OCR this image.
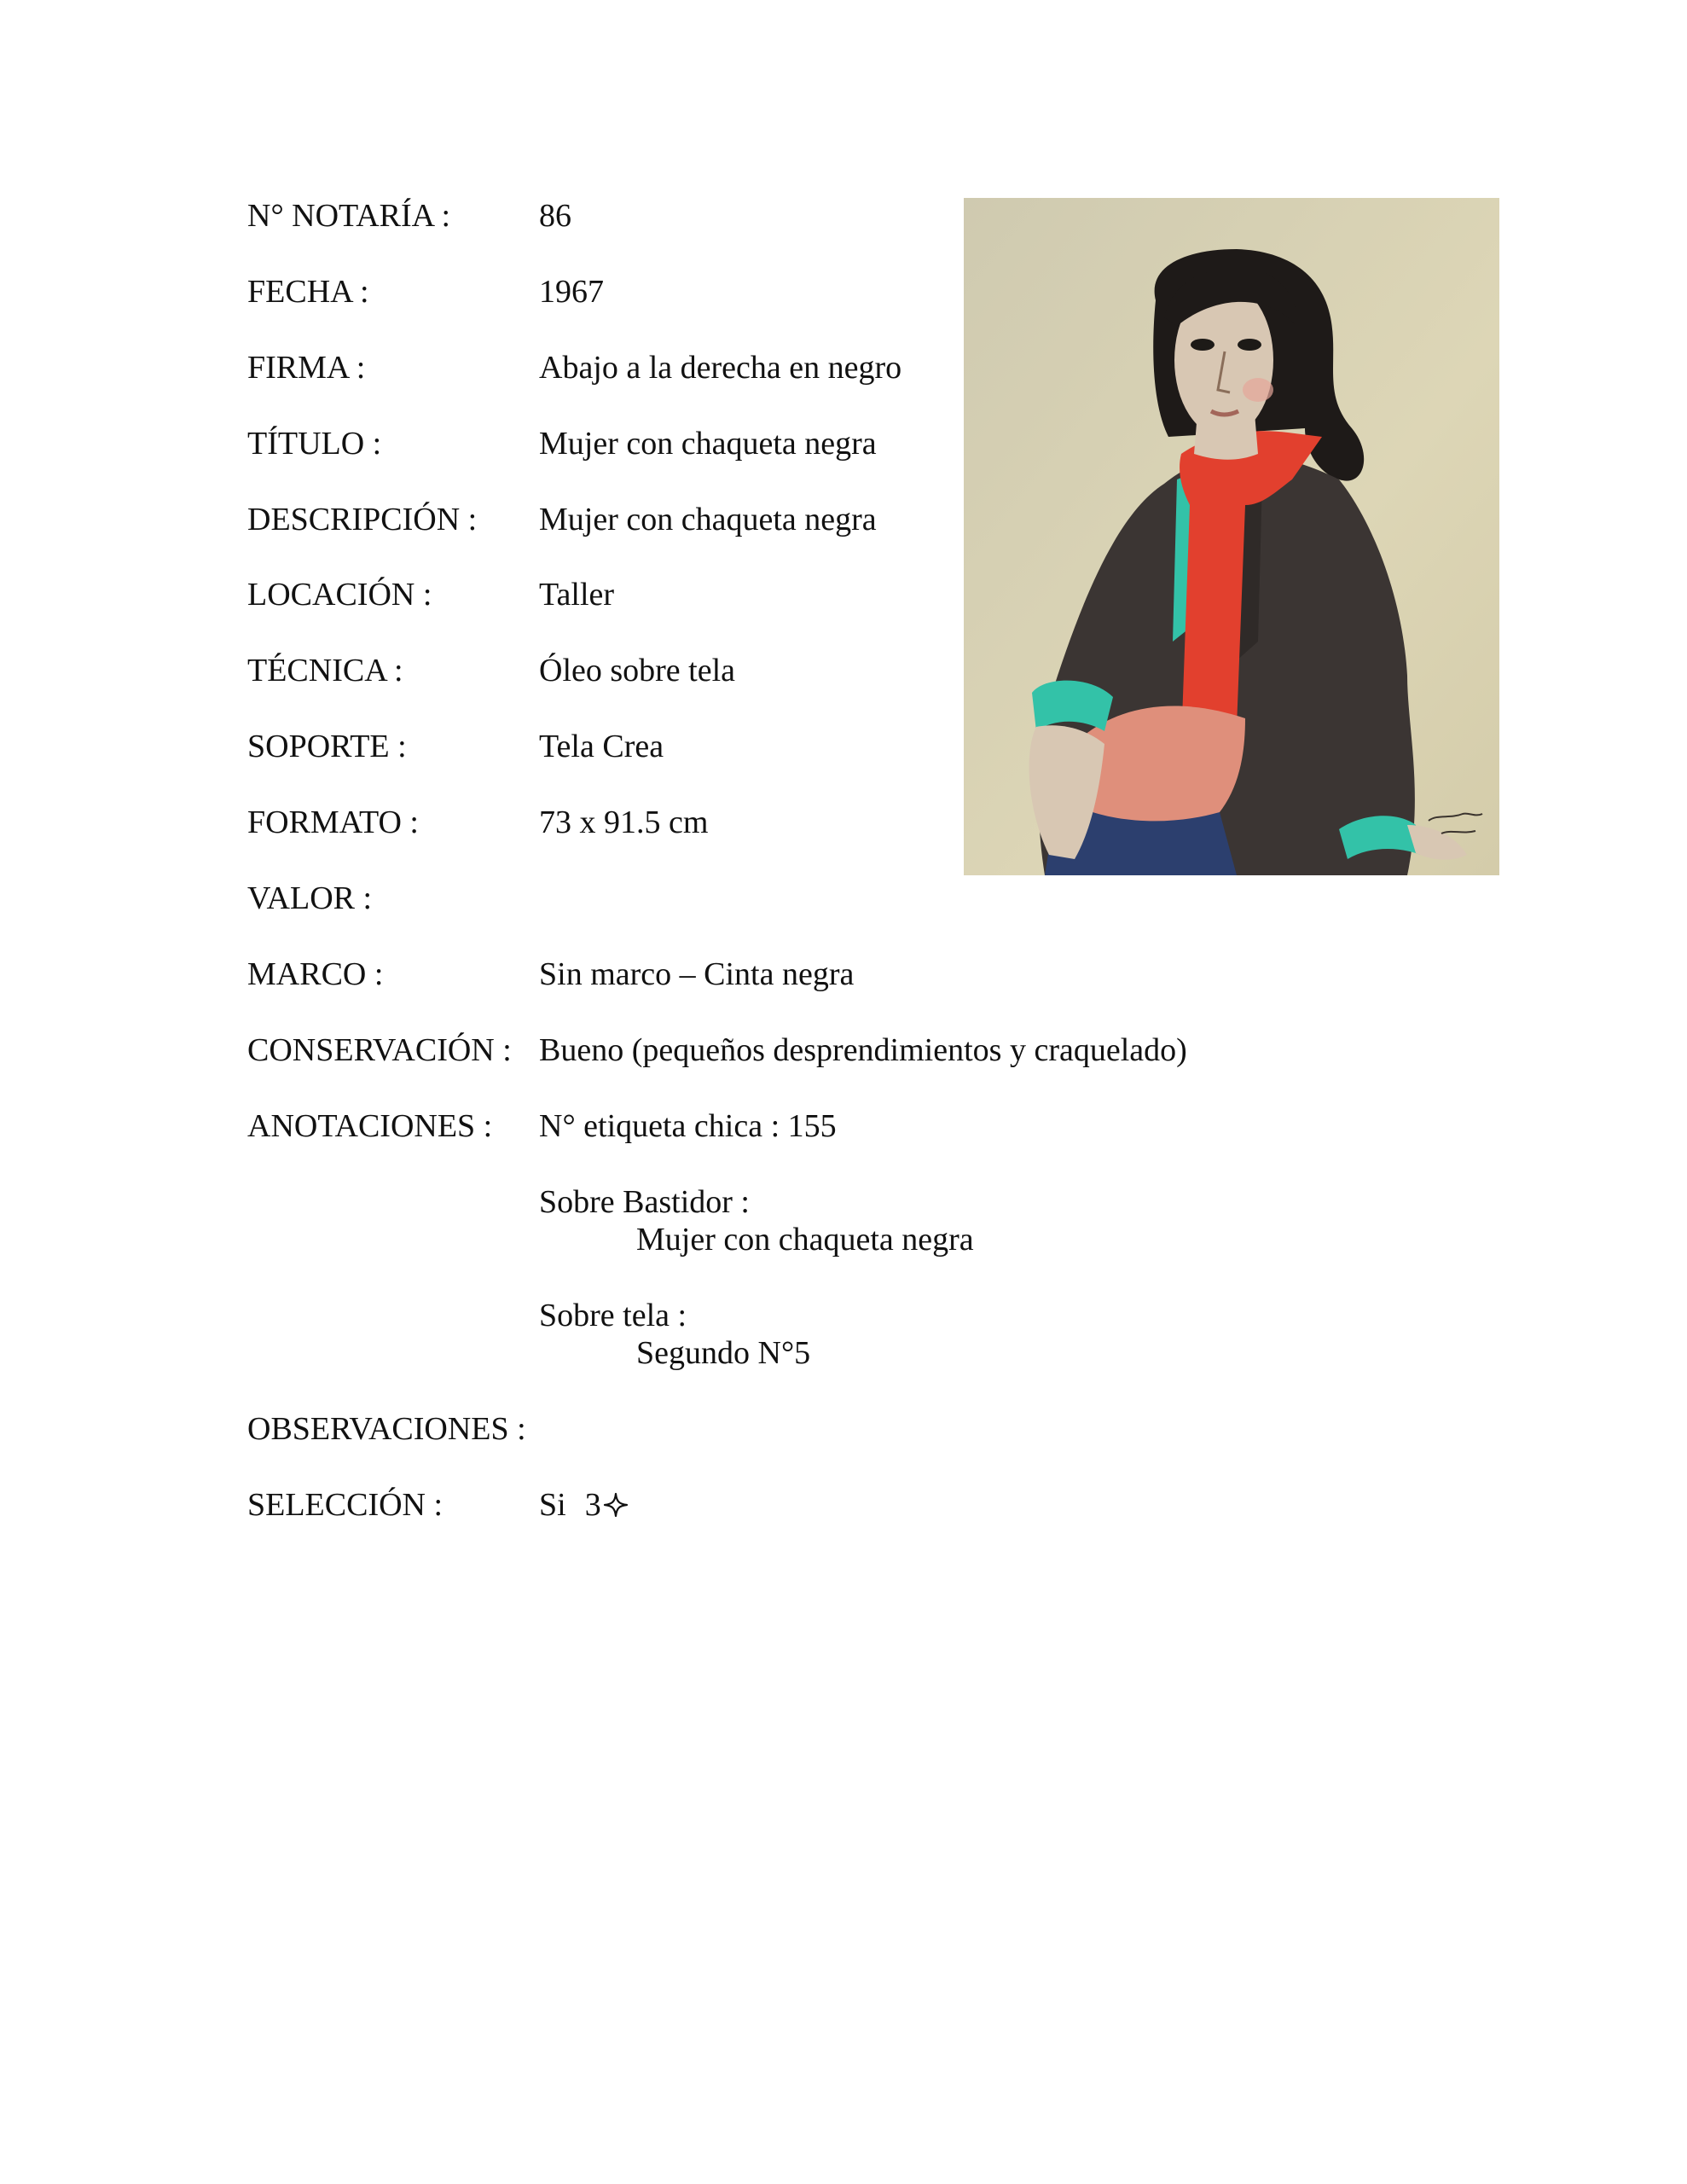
N° NOTARÍA :	86
FECHA :	1967
FIRMA :	Abajo a la derecha en negro
TÍTULO :	Mujer con chaqueta negra
DESCRIPCIÓN : Mujer con chaqueta negra
LOCACIÓN :	Taller
TÉCNICA :	Óleo sobre tela
SOPORTE :	Tela Crea
FORMATO :	73 x 91.5 cm
VALOR :
MARCO :	Sin marco – Cinta negra
CONSERVACIÓN : Bueno (pequeños desprendimientos y craquelado)
ANOTACIONES : N° etiqueta chica : 155
Sobre Bastidor :
Mujer con chaqueta negra
Sobre tela :
Segundo N°5
OBSERVACIONES :
SELECCIÓN :	Si 3
